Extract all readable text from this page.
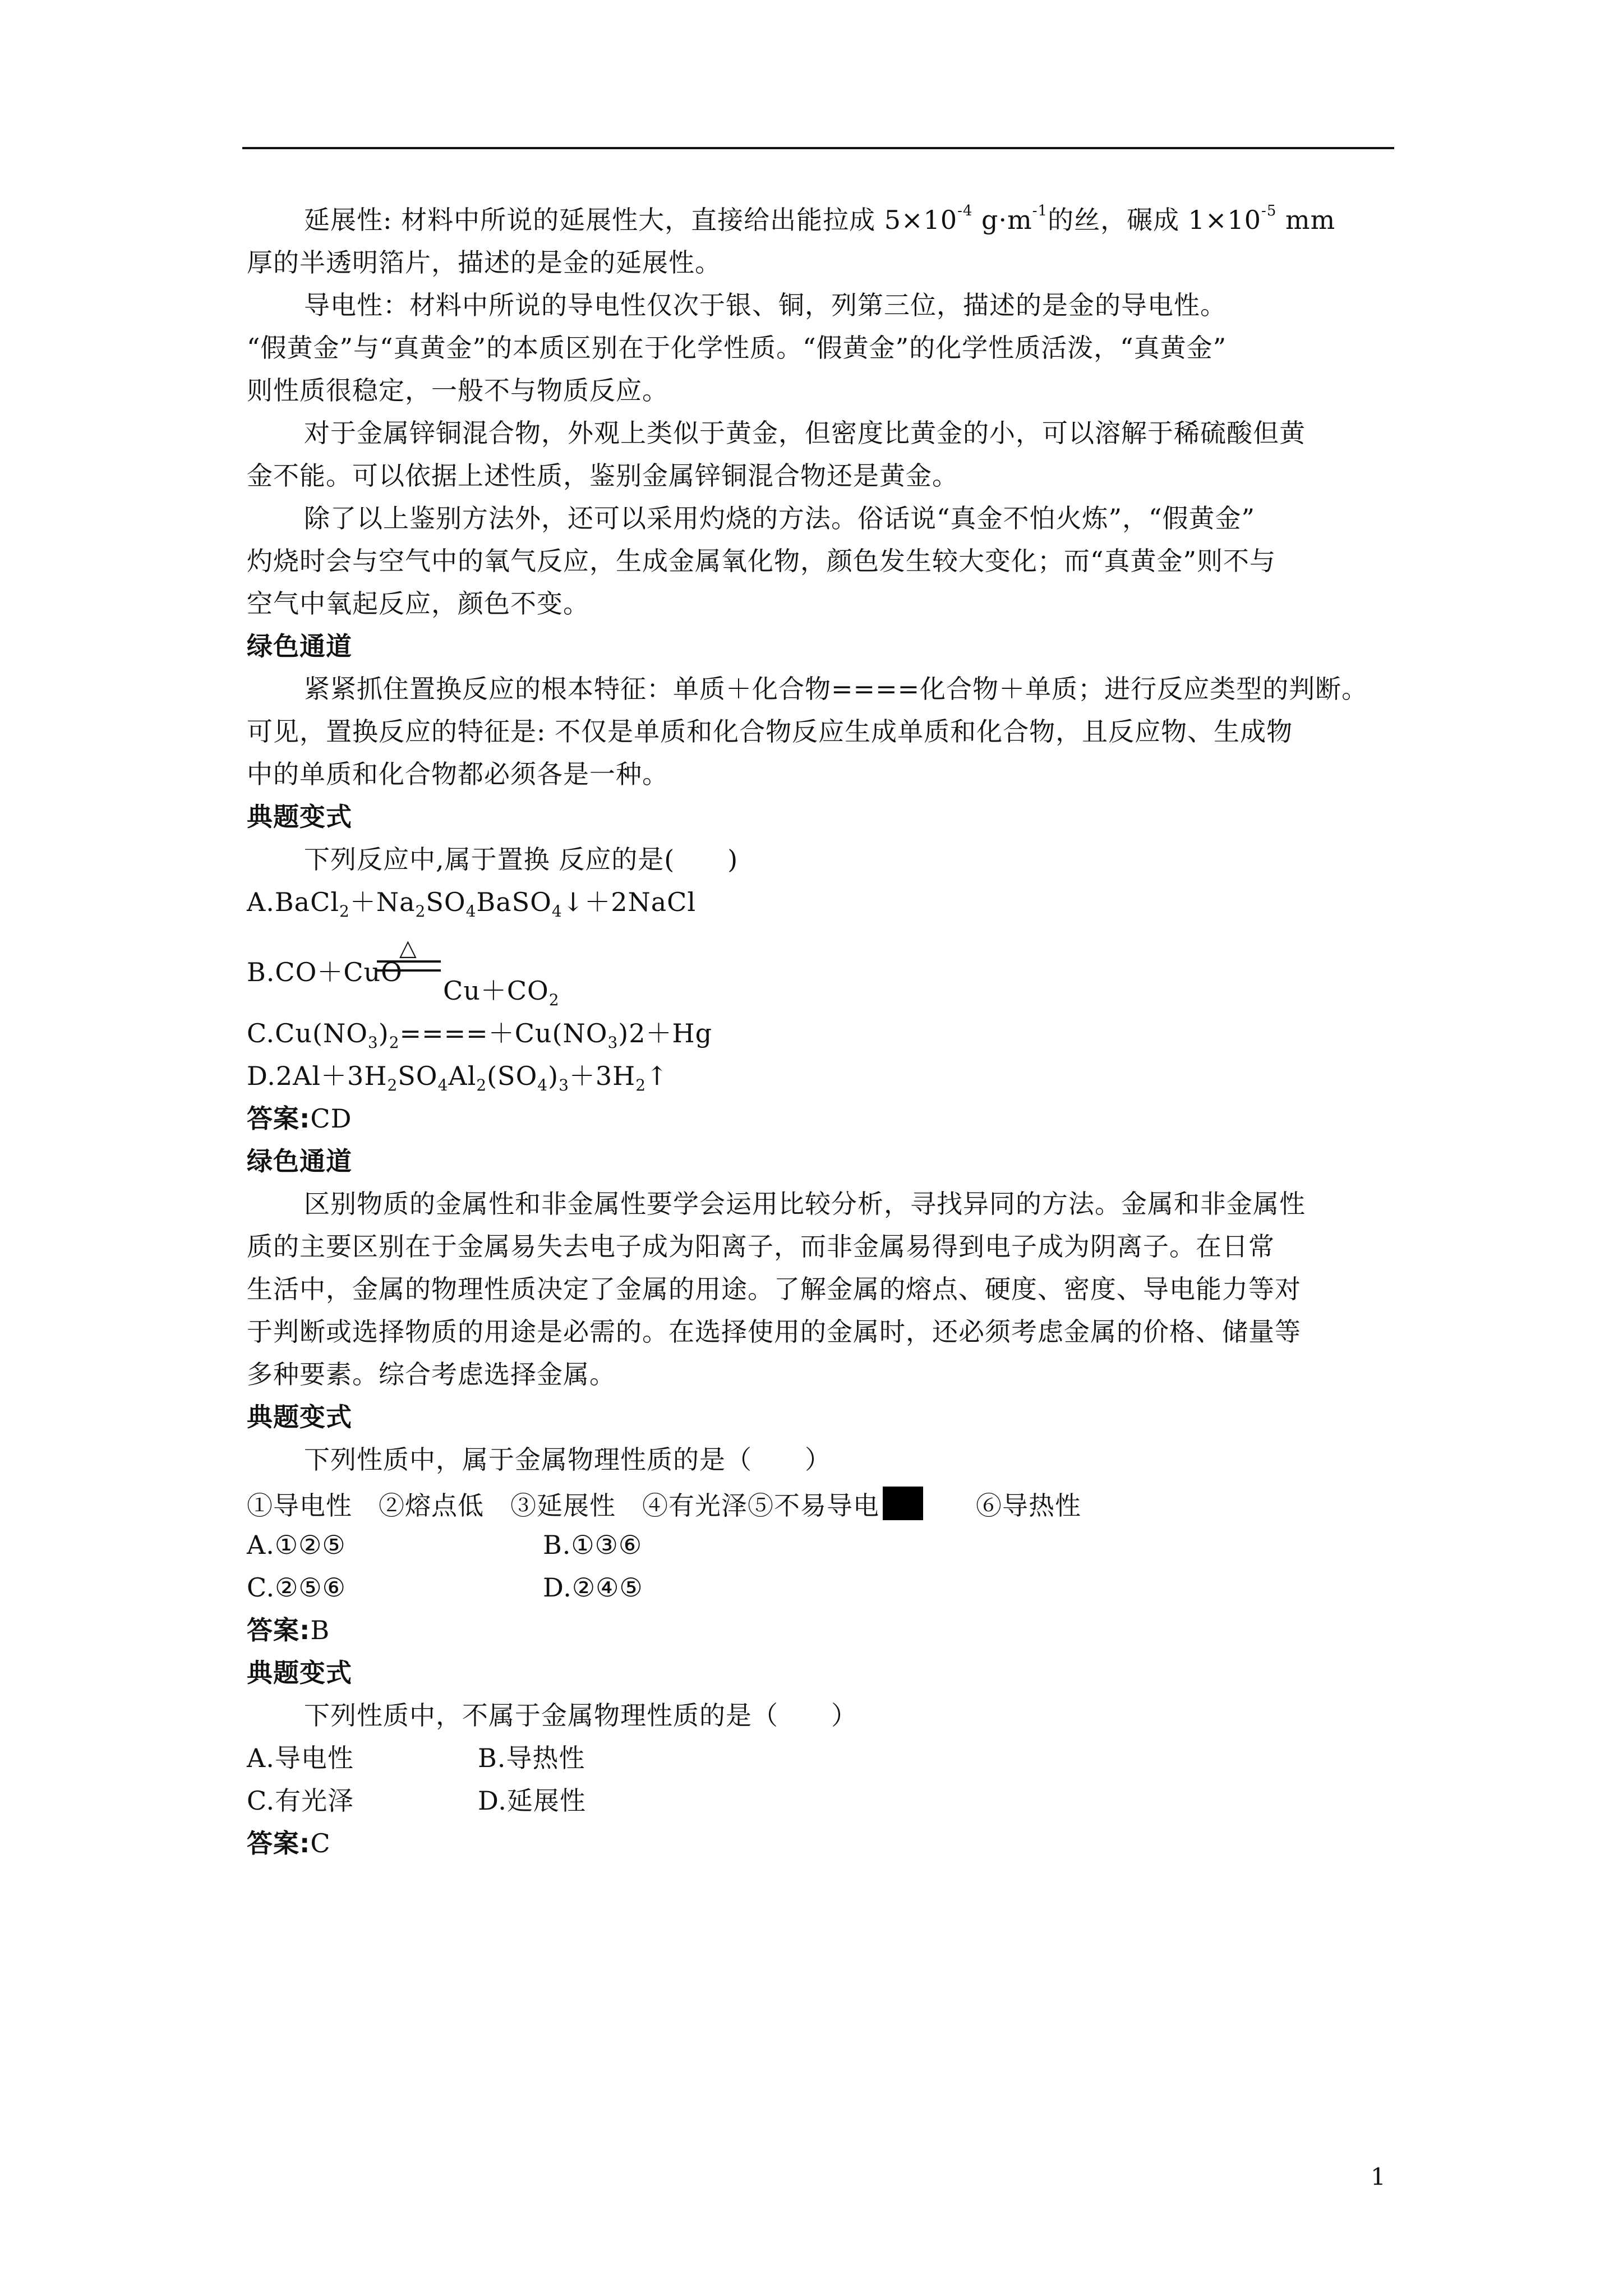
延展性: 材料中所说的延展性大，直接给出能拉成 $5\times 10^{-4}$ $g\cdot m^{-1}$的丝，碾成 $1\times 10^{-5}$ mm
厚的半透明箔片，描述的是金的延展性。
导电性：材料中所说的导电性仅次于银、铜，列第三位，描述的是金的导电性。
“假黄金”与“真黄金”的本质区别在于化学性质。“假黄金”的化学性质活泼，“真黄金”
则性质很稳定，一般不与物质反应。
对于金属锌铜混合物，外观上类似于黄金，但密度比黄金的小，可以溶解于稀硫酸但黄
金不能。可以依据上述性质，鉴别金属锌铜混合物还是黄金。
除了以上鉴别方法外，还可以采用灼烧的方法。俗话说“真金不怕火炼”，“假黄金”
灼烧时会与空气中的氧气反应，生成金属氧化物，颜色发生较大变化；而“真黄金”则不与
空气中氧起反应，颜色不变。
绿色通道
紧紧抓住置换反应的根本特征：单质＋化合物====化合物＋单质；进行反应类型的判断。
可见，置换反应的特征是: 不仅是单质和化合物反应生成单质和化合物，且反应物、生成物
中的单质和化合物都必须各是一种。
典题变式
下列反应中,属于置换 反应的是(　　)
$A.BaCl_2+Na_2SO_4BaSO_4↓+2NaCl$
B.CO＋CuO
△
$Cu+CO_2$
$C.Cu(NO_3)_2====+Cu(NO_3)2+Hg$
$D.2Al+3H_2SO_4Al_2(SO_4)_3+3H_2↑$
答案:CD
绿色通道
区别物质的金属性和非金属性要学会运用比较分析，寻找异同的方法。金属和非金属性
质的主要区别在于金属易失去电子成为阳离子，而非金属易得到电子成为阴离子。在日常
生活中，金属的物理性质决定了金属的用途。了解金属的熔点、硬度、密度、导电能力等对
于判断或选择物质的用途是必需的。在选择使用的金属时，还必须考虑金属的价格、储量等
多种要素。综合考虑选择金属。
典题变式
下列性质中，属于金属物理性质的是（　　）
①导电性　②熔点低　③延展性　④有光泽⑤不易导电　　	⑥导热性
A.①②⑤	B.①③⑥
C.②⑤⑥	D.②④⑤
答案:B
典题变式
下列性质中，不属于金属物理性质的是（　　）
A.导电性	B.导热性
C.有光泽	D.延展性
答案:C
1
